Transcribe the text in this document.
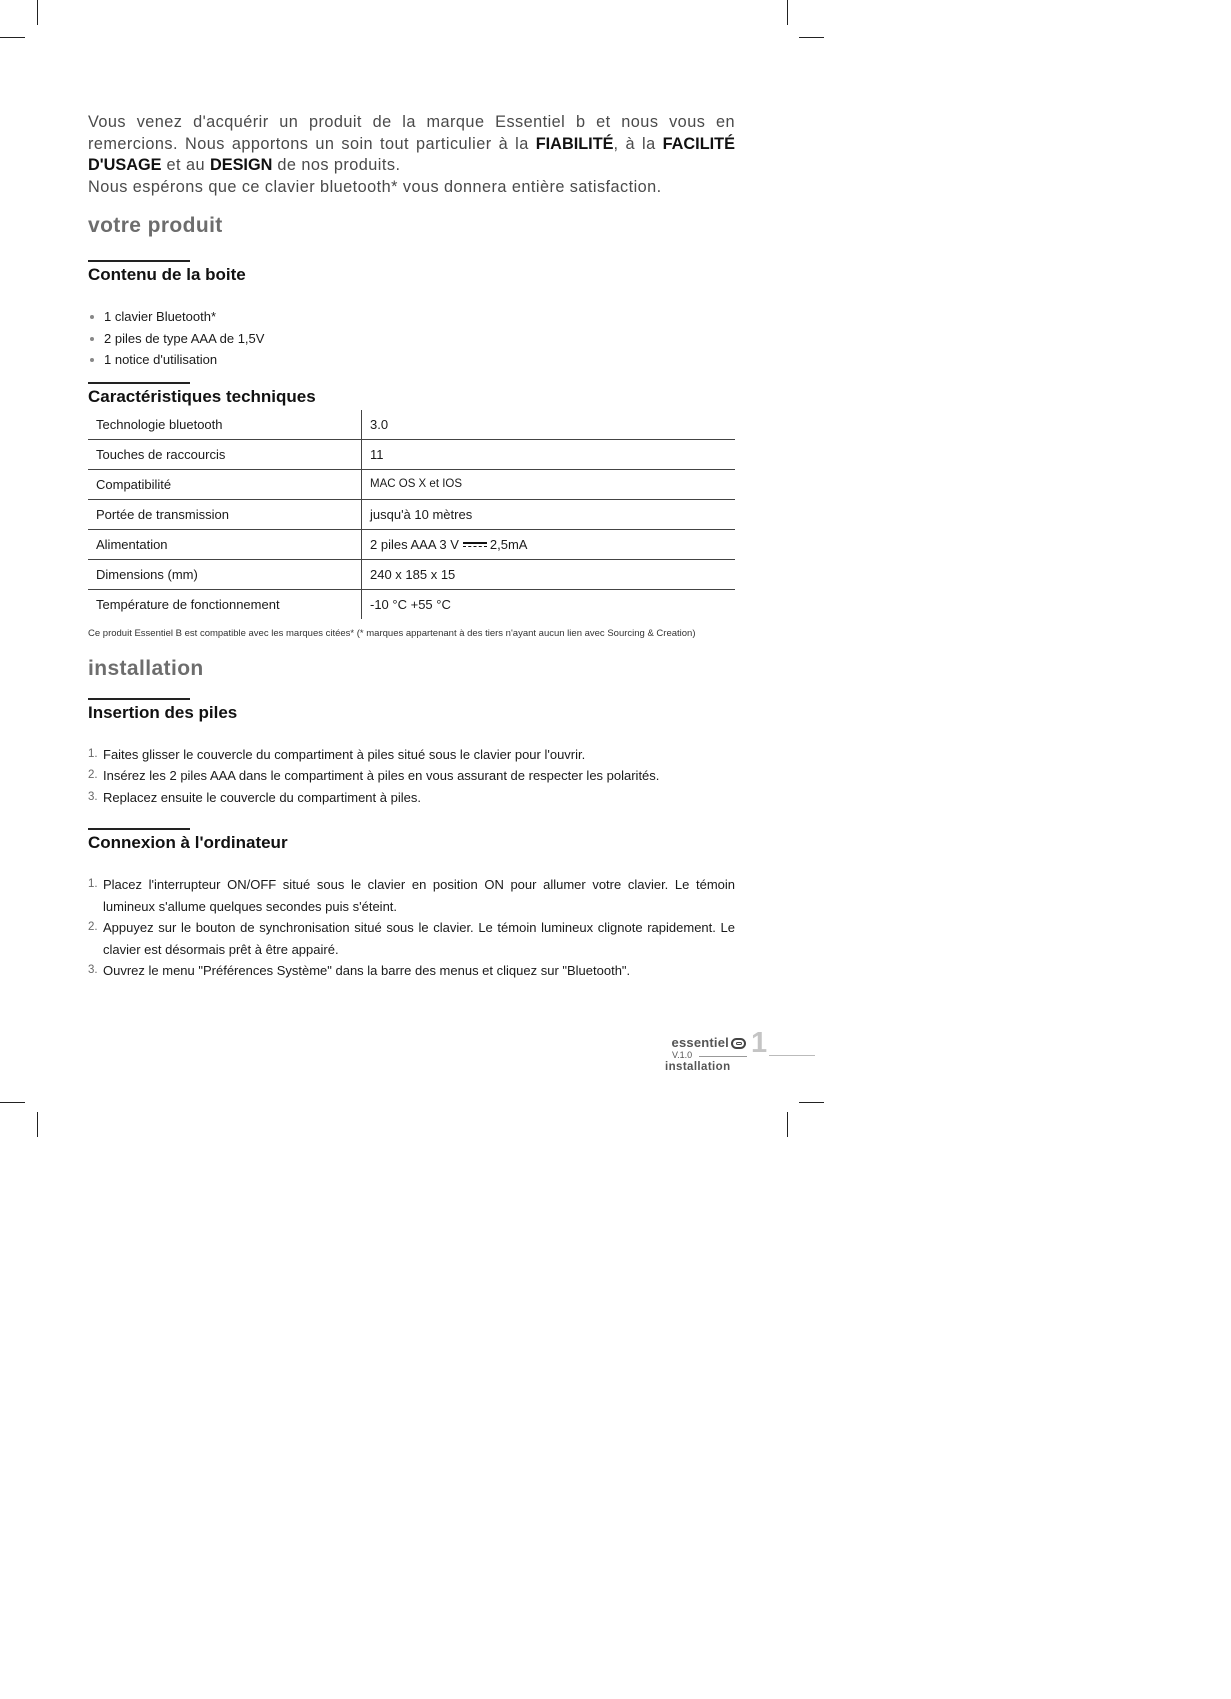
Vous venez d'acquérir un produit de la marque Essentiel b et nous vous en remercions. Nous apportons un soin tout particulier à la FIABILITÉ, à la FACILITÉ D'USAGE et au DESIGN de nos produits.

Nous espérons que ce clavier bluetooth* vous donnera entière satisfaction.

votre produit
Contenu de la boite
1 clavier Bluetooth*
2 piles de type AAA de 1,5V
1 notice d'utilisation
Caractéristiques techniques
Technologie bluetooth	3.0
Touches de raccourcis	11
Compatibilité	MAC OS X et IOS
Portée de transmission	jusqu'à 10 mètres
Alimentation	2 piles AAA 3 V 2,5mA
Dimensions (mm)	240 x 185 x 15
Température de fonctionnement	-10 °C +55 °C
Ce produit Essentiel B est compatible avec les marques citées* (* marques appartenant à des tiers n'ayant aucun lien avec Sourcing & Creation)
installation
Insertion des piles
1. Faites glisser le couvercle du compartiment à piles situé sous le clavier pour l'ouvrir.
2. Insérez les 2 piles AAA dans le compartiment à piles en vous assurant de respecter les polarités.
3. Replacez ensuite le couvercle du compartiment à piles.
Connexion à l'ordinateur
1. Placez l'interrupteur ON/OFF situé sous le clavier en position ON pour allumer votre clavier. Le témoin lumineux s'allume quelques secondes puis s'éteint.
2. Appuyez sur le bouton de synchronisation situé sous le clavier. Le témoin lumineux clignote rapidement. Le clavier est désormais prêt à être appairé.
3. Ouvrez le menu "Préférences Système" dans la barre des menus et cliquez sur "Bluetooth".
essentiel
V.1.0
installation
1
